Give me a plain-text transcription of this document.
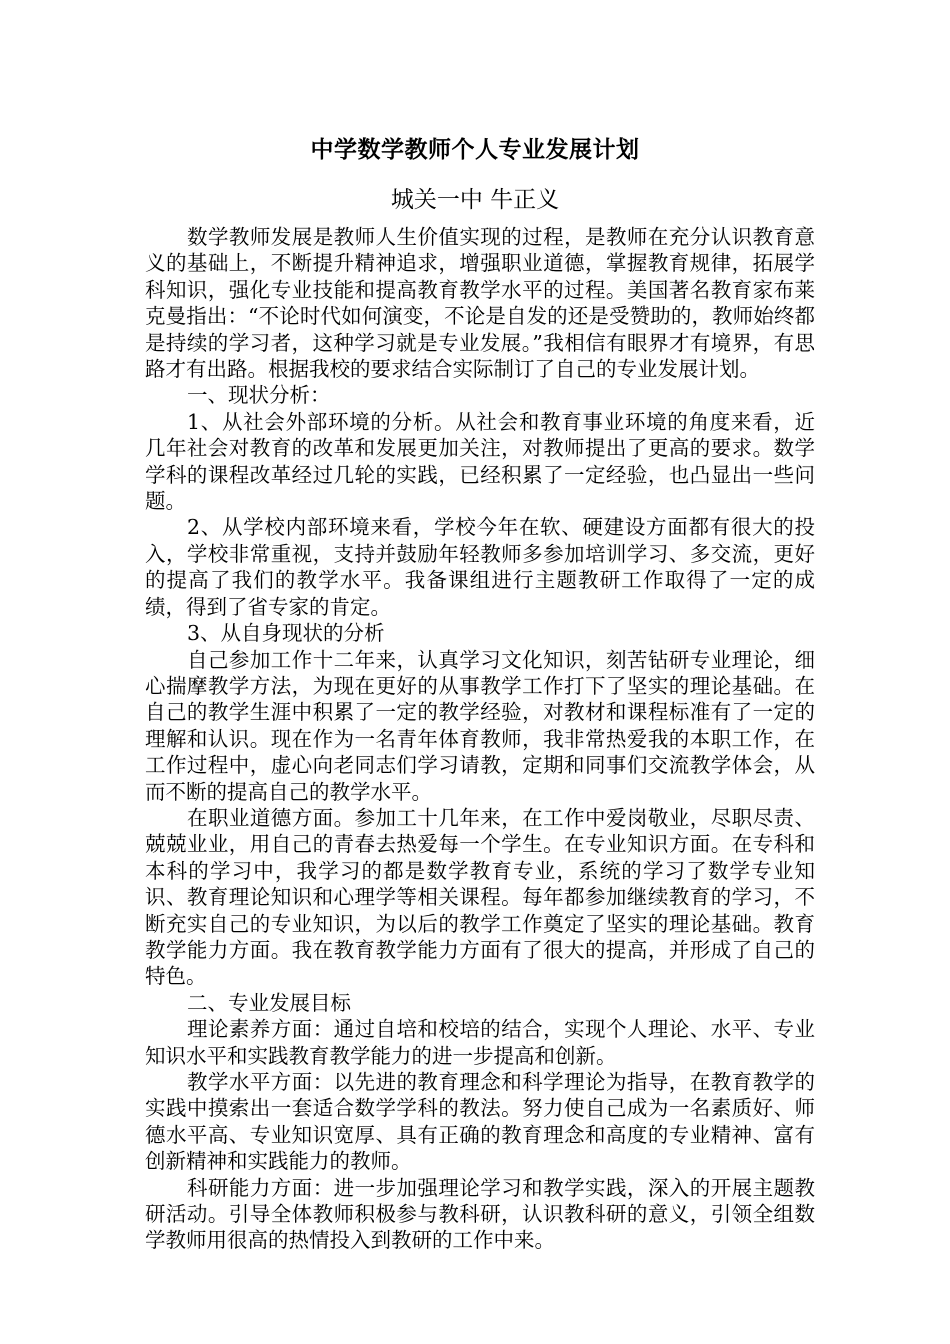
中学数学教师个人专业发展计划
城关一中 牛正义

数学教师发展是教师人生价值实现的过程，是教师在充分认识教育意义的基础上，不断提升精神追求，增强职业道德，掌握教育规律，拓展学科知识，强化专业技能和提高教育教学水平的过程。美国著名教育家布莱克曼指出：“不论时代如何演变，不论是自发的还是受赞助的，教师始终都是持续的学习者，这种学习就是专业发展。”我相信有眼界才有境界，有思路才有出路。根据我校的要求结合实际制订了自己的专业发展计划。

一、现状分析：

1、从社会外部环境的分析。从社会和教育事业环境的角度来看，近几年社会对教育的改革和发展更加关注，对教师提出了更高的要求。数学学科的课程改革经过几轮的实践，已经积累了一定经验，也凸显出一些问题。

2、从学校内部环境来看，学校今年在软、硬建设方面都有很大的投入，学校非常重视，支持并鼓励年轻教师多参加培训学习、多交流，更好的提高了我们的教学水平。我备课组进行主题教研工作取得了一定的成绩，得到了省专家的肯定。

3、从自身现状的分析

自己参加工作十二年来，认真学习文化知识，刻苦钻研专业理论，细心揣摩教学方法，为现在更好的从事教学工作打下了坚实的理论基础。在自己的教学生涯中积累了一定的教学经验，对教材和课程标准有了一定的理解和认识。现在作为一名青年体育教师，我非常热爱我的本职工作，在工作过程中，虚心向老同志们学习请教，定期和同事们交流教学体会，从而不断的提高自己的教学水平。

在职业道德方面。参加工十几年来，在工作中爱岗敬业，尽职尽责、兢兢业业，用自己的青春去热爱每一个学生。在专业知识方面。在专科和本科的学习中，我学习的都是数学教育专业，系统的学习了数学专业知识、教育理论知识和心理学等相关课程。每年都参加继续教育的学习，不断充实自己的专业知识，为以后的教学工作奠定了坚实的理论基础。教育教学能力方面。我在教育教学能力方面有了很大的提高，并形成了自己的特色。

二、专业发展目标

理论素养方面：通过自培和校培的结合，实现个人理论、水平、专业知识水平和实践教育教学能力的进一步提高和创新。

教学水平方面：以先进的教育理念和科学理论为指导，在教育教学的实践中摸索出一套适合数学学科的教法。努力使自己成为一名素质好、师德水平高、专业知识宽厚、具有正确的教育理念和高度的专业精神、富有创新精神和实践能力的教师。

科研能力方面：进一步加强理论学习和教学实践，深入的开展主题教研活动。引导全体教师积极参与教科研，认识教科研的意义，引领全组数学教师用很高的热情投入到教研的工作中来。
